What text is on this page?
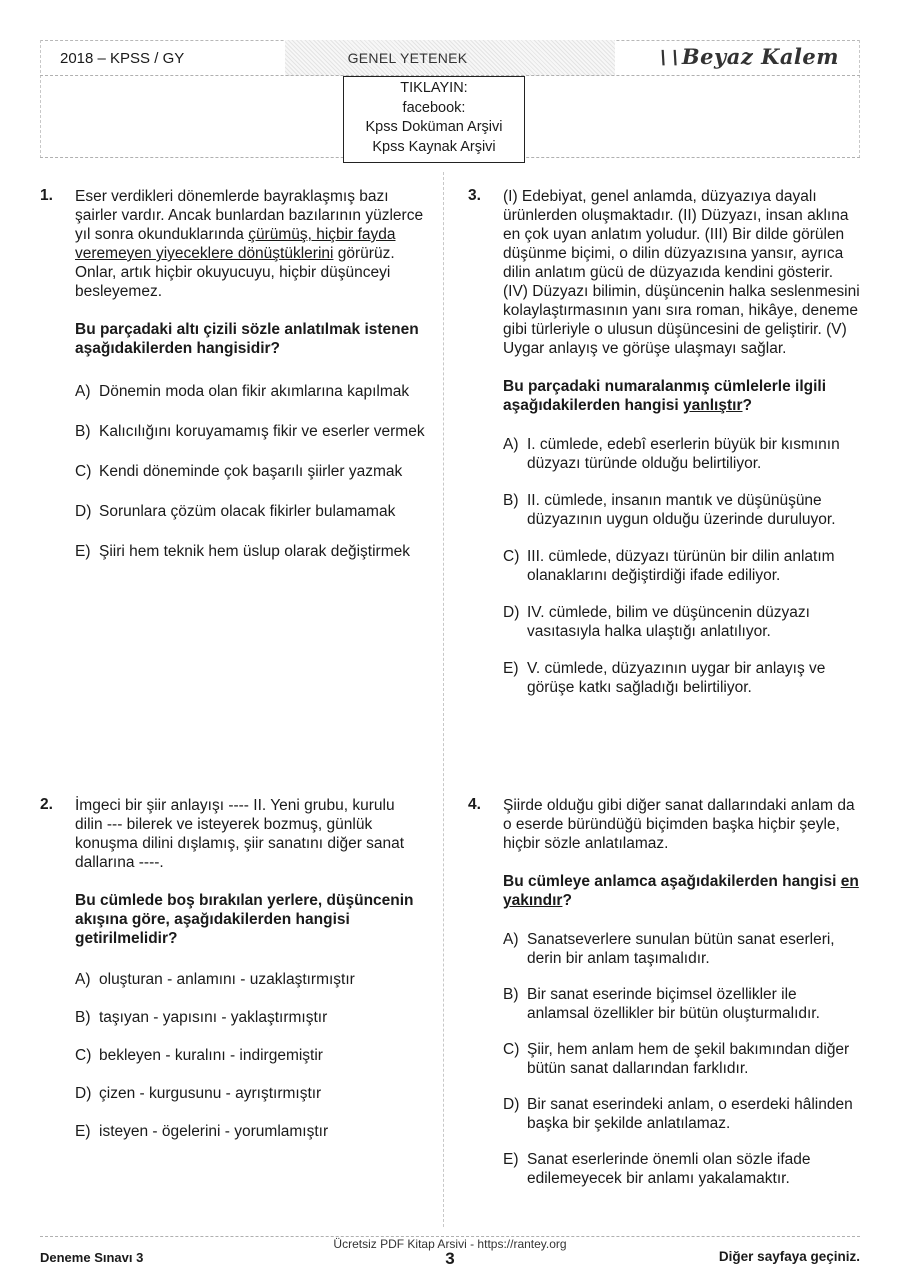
2018 – KPSS / GY	GENEL YETENEK	∖∖ Beyaz Kalem
TIKLAYIN:
facebook:
Kpss Doküman Arşivi
Kpss Kaynak Arşivi
1. Eser verdikleri dönemlerde bayraklaşmış bazı şairler vardır. Ancak bunlardan bazılarının yüzlerce yıl sonra okunduklarında çürümüş, hiçbir fayda veremeyen yiyeceklere dönüştüklerini görürüz. Onlar, artık hiçbir okuyucuyu, hiçbir düşünceyi besleyemez.

Bu parçadaki altı çizili sözle anlatılmak istenen aşağıdakilerden hangisidir?

A) Dönemin moda olan fikir akımlarına kapılmak
B) Kalıcılığını koruyamamış fikir ve eserler vermek
C) Kendi döneminde çok başarılı şiirler yazmak
D) Sorunlara çözüm olacak fikirler bulamamak
E) Şiiri hem teknik hem üslup olarak değiştirmek
2. İmgeci bir şiir anlayışı ---- II. Yeni grubu, kurulu dilin --- bilerek ve isteyerek bozmuş, günlük konuşma dilini dışlamış, şiir sanatını diğer sanat dallarına ----.

Bu cümlede boş bırakılan yerlere, düşüncenin akışına göre, aşağıdakilerden hangisi getirilmelidir?

A) oluşturan - anlamını - uzaklaştırmıştır
B) taşıyan - yapısını - yaklaştırmıştır
C) bekleyen - kuralını - indirgemiştir
D) çizen - kurgusunu - ayrıştırmıştır
E) isteyen - ögelerini - yorumlamıştır
3. (I) Edebiyat, genel anlamda, düzyazıya dayalı ürünlerden oluşmaktadır. (II) Düzyazı, insan aklına en çok uyan anlatım yoludur. (III) Bir dilde görülen düşünme biçimi, o dilin düzyazısına yansır, ayrıca dilin anlatım gücü de düzyazıda kendini gösterir. (IV) Düzyazı bilimin, düşüncenin halka seslenmesini kolaylaştırmasının yanı sıra roman, hikâye, deneme gibi türleriyle o ulusun düşüncesini de geliştirir. (V) Uygar anlayış ve görüşe ulaşmayı sağlar.

Bu parçadaki numaralanmış cümlelerle ilgili aşağıdakilerden hangisi yanlıştır?

A) I. cümlede, edebî eserlerin büyük bir kısmının düzyazı türünde olduğu belirtiliyor.
B) II. cümlede, insanın mantık ve düşünüşüne düzyazının uygun olduğu üzerinde duruluyor.
C) III. cümlede, düzyazı türünün bir dilin anlatım olanaklarını değiştirdiği ifade ediliyor.
D) IV. cümlede, bilim ve düşüncenin düzyazı vasıtasıyla halka ulaştığı anlatılıyor.
E) V. cümlede, düzyazının uygar bir anlayış ve görüşe katkı sağladığı belirtiliyor.
4. Şiirde olduğu gibi diğer sanat dallarındaki anlam da o eserde büründüğü biçimden başka hiçbir şeyle, hiçbir sözle anlatılamaz.

Bu cümleye anlamca aşağıdakilerden hangisi en yakındır?

A) Sanatseverlere sunulan bütün sanat eserleri, derin bir anlam taşımalıdır.
B) Bir sanat eserinde biçimsel özellikler ile anlamsal özellikler bir bütün oluşturmalıdır.
C) Şiir, hem anlam hem de şekil bakımından diğer bütün sanat dallarından farklıdır.
D) Bir sanat eserindeki anlam, o eserdeki hâlinden başka bir şekilde anlatılamaz.
E) Sanat eserlerinde önemli olan sözle ifade edilemeyecek bir anlamı yakalamaktır.
Deneme Sınavı 3
Ücretsiz PDF Kitap Arsivi - https://rantey.org
3	Diğer sayfaya geçiniz.
